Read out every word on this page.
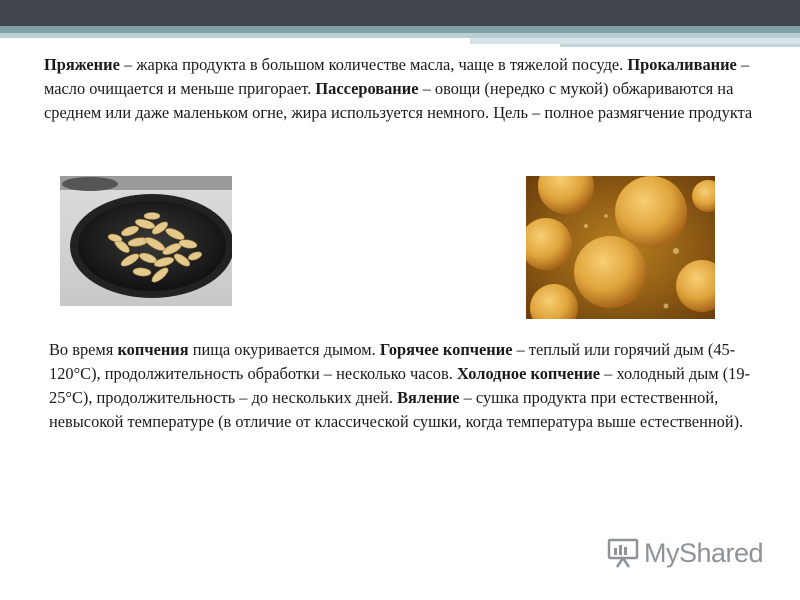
Пряжение – жарка продукта в большом количестве масла, чаще в тяжелой посуде. Прокаливание – масло очищается и меньше пригорает. Пассерование – овощи (нередко с мукой) обжариваются на среднем или даже маленьком огне, жира используется немного. Цель – полное размягчение продукта

Во время копчения пища окуривается дымом. Горячее копчение – теплый или горячий дым (45-120°С), продолжительность обработки – несколько часов. Холодное копчение – холодный дым (19-25°С), продолжительность – до нескольких дней. Вяление – сушка продукта при естественной, невысокой температуре (в отличие от классической сушки, когда температура выше естественной).

MyShared
